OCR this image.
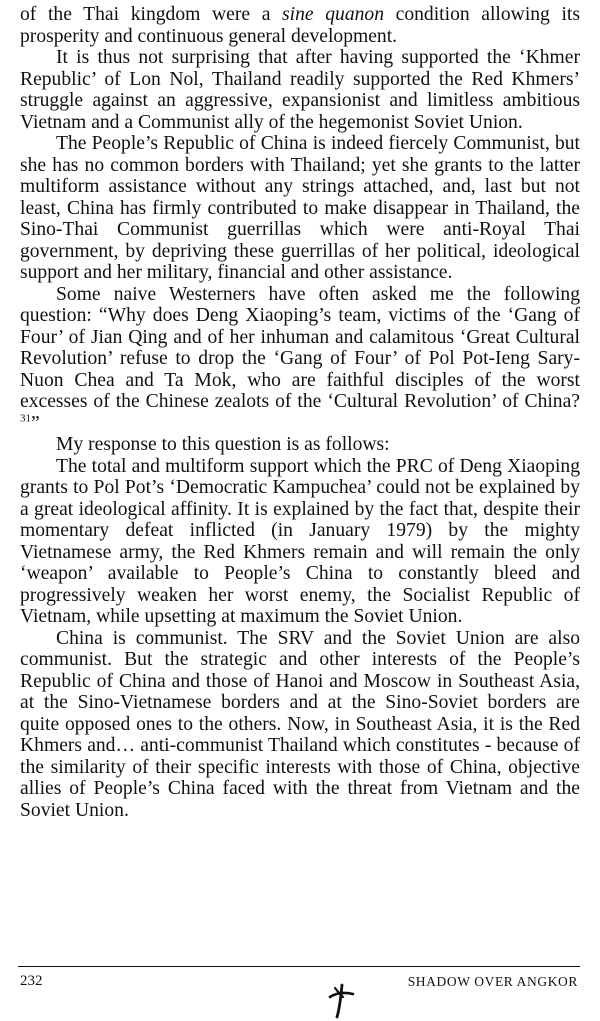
of the Thai kingdom were a sine quanon condition allowing its prosperity and continuous general development.

It is thus not surprising that after having supported the ‘Khmer Republic’ of Lon Nol, Thailand readily supported the Red Khmers’ struggle against an aggressive, expansionist and limitless ambitious Vietnam and a Communist ally of the hegemonist Soviet Union.

The People’s Republic of China is indeed fiercely Communist, but she has no common borders with Thailand; yet she grants to the latter multiform assistance without any strings attached, and, last but not least, China has firmly contributed to make disappear in Thailand, the Sino-Thai Communist guerrillas which were anti-Royal Thai government, by depriving these guerrillas of her political, ideological support and her military, financial and other assistance.

Some naive Westerners have often asked me the following question: “Why does Deng Xiaoping’s team, victims of the ‘Gang of Four’ of Jian Qing and of her inhuman and calamitous ‘Great Cultural Revolution’ refuse to drop the ‘Gang of Four’ of Pol Pot-Ieng Sary-Nuon Chea and Ta Mok, who are faithful disciples of the worst excesses of the Chinese zealots of the ‘Cultural Revolution’ of China?$^{31}$”

My response to this question is as follows:

The total and multiform support which the PRC of Deng Xiaoping grants to Pol Pot’s ‘Democratic Kampuchea’ could not be explained by a great ideological affinity. It is explained by the fact that, despite their momentary defeat inflicted (in January 1979) by the mighty Vietnamese army, the Red Khmers remain and will remain the only ‘weapon’ available to People’s China to constantly bleed and progressively weaken her worst enemy, the Socialist Republic of Vietnam, while upsetting at maximum the Soviet Union.

China is communist. The SRV and the Soviet Union are also communist. But the strategic and other interests of the People’s Republic of China and those of Hanoi and Moscow in Southeast Asia, at the Sino-Vietnamese borders and at the Sino-Soviet borders are quite opposed ones to the others. Now, in Southeast Asia, it is the Red Khmers and… anti-communist Thailand which constitutes - because of the similarity of their specific interests with those of China, objective allies of People’s China faced with the threat from Vietnam and the Soviet Union.

232	SHADOW OVER ANGKOR
